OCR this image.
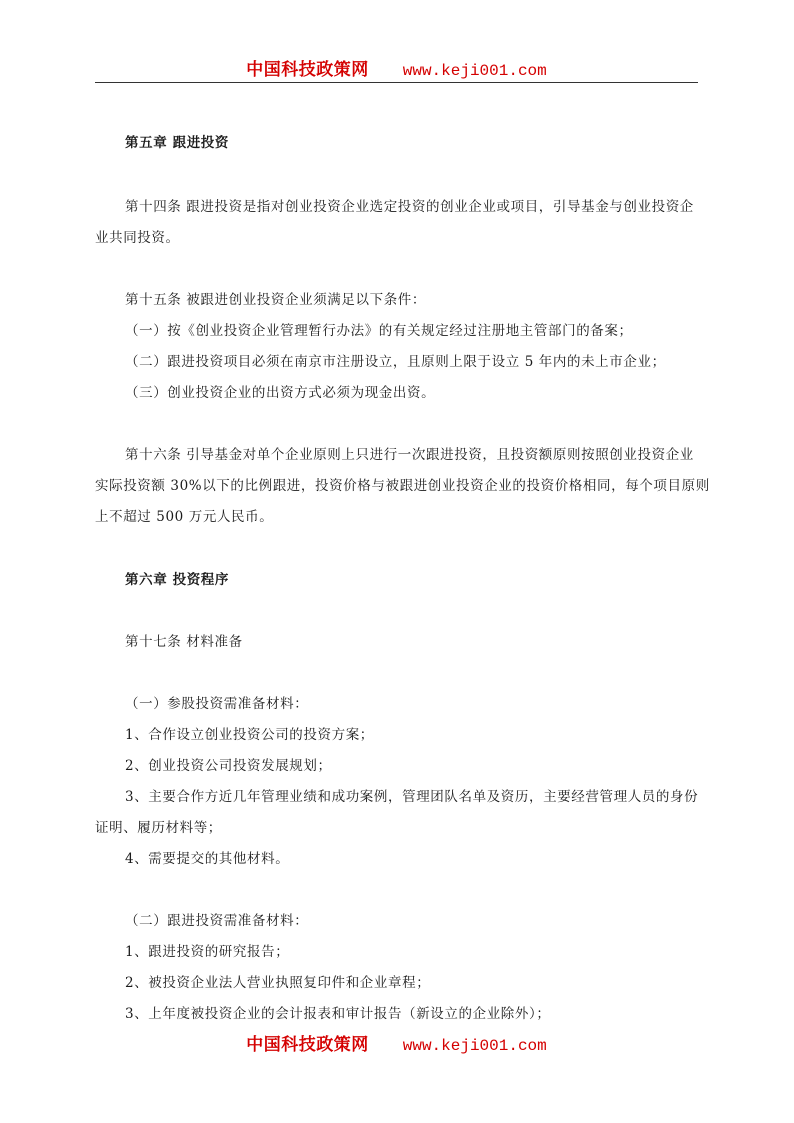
中国科技政策网 www.keji001.com
第五章 跟进投资
第十四条 跟进投资是指对创业投资企业选定投资的创业企业或项目，引导基金与创业投资企
业共同投资。
第十五条 被跟进创业投资企业须满足以下条件：
（一）按《创业投资企业管理暂行办法》的有关规定经过注册地主管部门的备案；
（二）跟进投资项目必须在南京市注册设立，且原则上限于设立 5 年内的未上市企业；
（三）创业投资企业的出资方式必须为现金出资。
第十六条 引导基金对单个企业原则上只进行一次跟进投资，且投资额原则按照创业投资企业
实际投资额 30%以下的比例跟进，投资价格与被跟进创业投资企业的投资价格相同，每个项目原则
上不超过 500 万元人民币。
第六章 投资程序
第十七条 材料准备
（一）参股投资需准备材料：
1、合作设立创业投资公司的投资方案；
2、创业投资公司投资发展规划；
3、主要合作方近几年管理业绩和成功案例，管理团队名单及资历，主要经营管理人员的身份
证明、履历材料等；
4、需要提交的其他材料。
（二）跟进投资需准备材料：
1、跟进投资的研究报告；
2、被投资企业法人营业执照复印件和企业章程；
3、上年度被投资企业的会计报表和审计报告（新设立的企业除外）；
中国科技政策网 www.keji001.com
